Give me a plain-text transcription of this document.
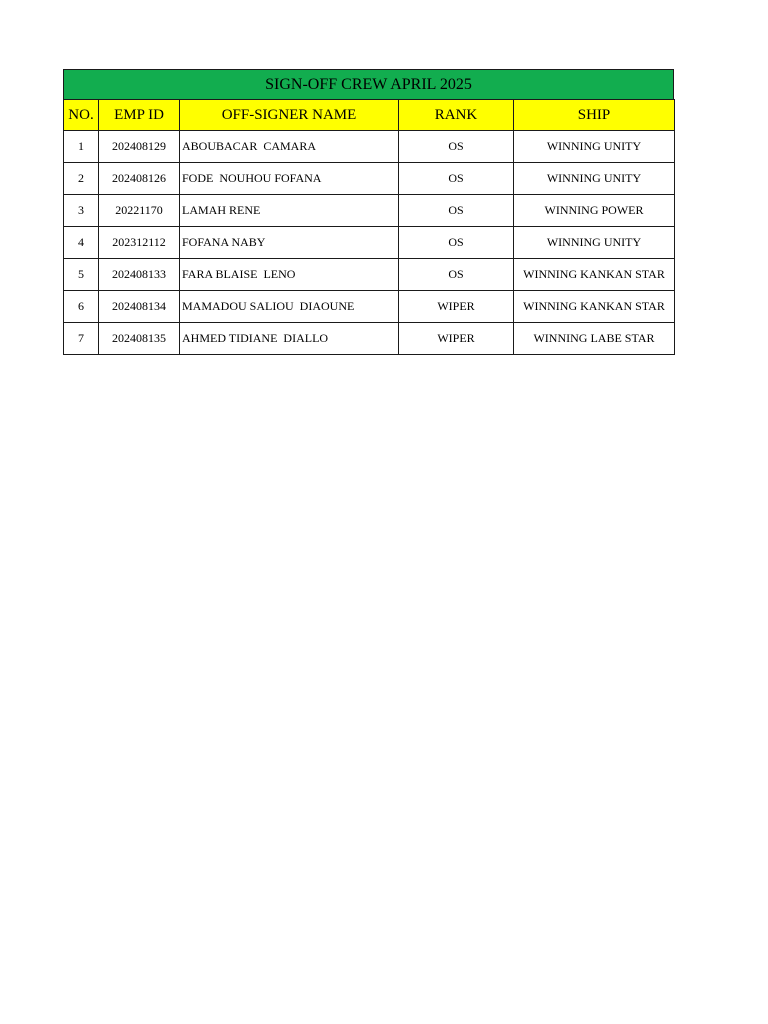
SIGN-OFF CREW APRIL 2025
NO.	EMP ID	OFF-SIGNER NAME	RANK	SHIP
1	202408129	ABOUBACAR  CAMARA	OS	WINNING UNITY
2	202408126	FODE  NOUHOU FOFANA	OS	WINNING UNITY
3	20221170	LAMAH RENE	OS	WINNING POWER
4	202312112	FOFANA NABY	OS	WINNING UNITY
5	202408133	FARA BLAISE  LENO	OS	WINNING KANKAN STAR
6	202408134	MAMADOU SALIOU  DIAOUNE	WIPER	WINNING KANKAN STAR
7	202408135	AHMED TIDIANE  DIALLO	WIPER	WINNING LABE STAR
